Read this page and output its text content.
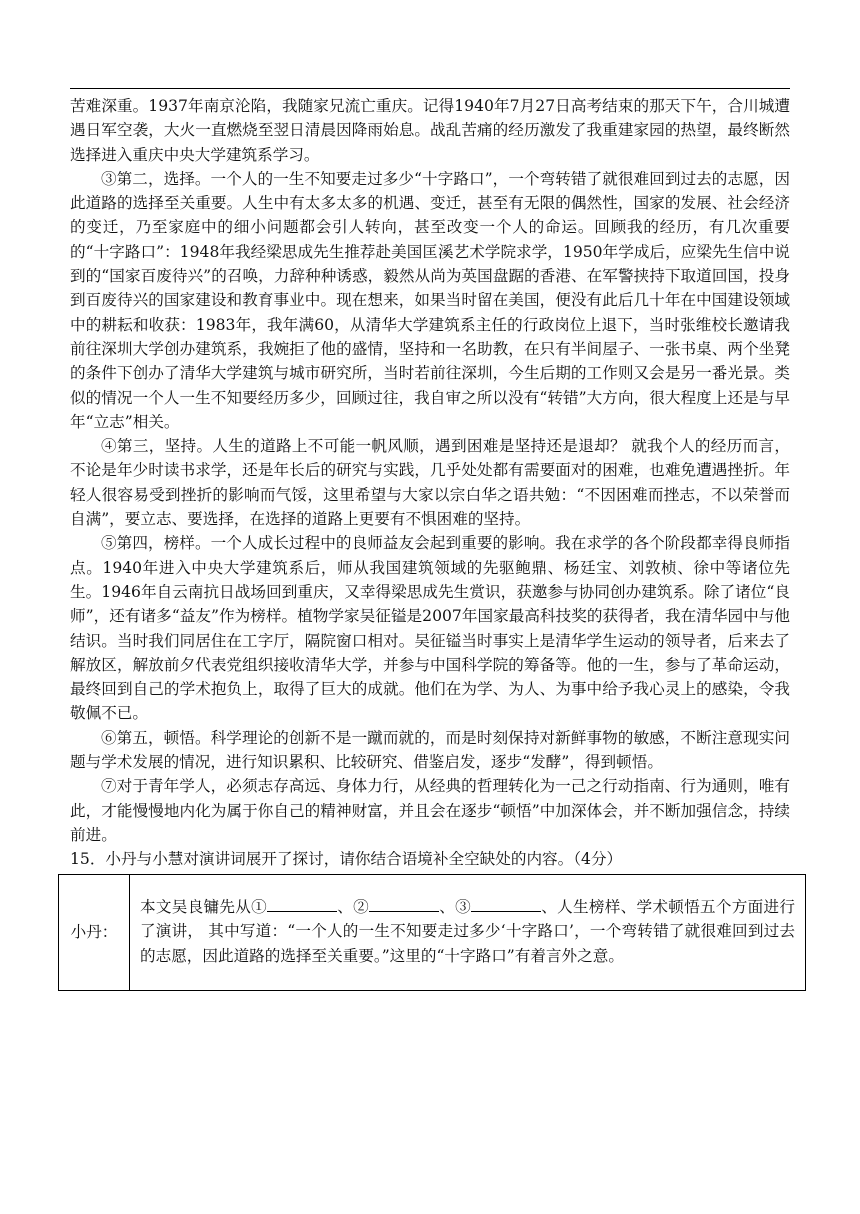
苦难深重。1937年南京沦陷，我随家兄流亡重庆。记得1940年7月27日高考结束的那天下午，合川城遭遇日军空袭，大火一直燃烧至翌日清晨因降雨始息。战乱苦痛的经历激发了我重建家园的热望，最终断然选择进入重庆中央大学建筑系学习。

③第二，选择。一个人的一生不知要走过多少“十字路口”，一个弯转错了就很难回到过去的志愿，因此道路的选择至关重要。人生中有太多太多的机遇、变迁，甚至有无限的偶然性，国家的发展、社会经济的变迁，乃至家庭中的细小问题都会引人转向，甚至改变一个人的命运。回顾我的经历，有几次重要的“十字路口”：1948年我经梁思成先生推荐赴美国匡溪艺术学院求学，1950年学成后，应梁先生信中说到的“国家百废待兴”的召唤，力辞种种诱惑，毅然从尚为英国盘踞的香港、在军警挟持下取道回国，投身到百废待兴的国家建设和教育事业中。现在想来，如果当时留在美国，便没有此后几十年在中国建设领域中的耕耘和收获：1983年，我年满60，从清华大学建筑系主任的行政岗位上退下，当时张维校长邀请我前往深圳大学创办建筑系，我婉拒了他的盛情，坚持和一名助教，在只有半间屋子、一张书桌、两个坐凳的条件下创办了清华大学建筑与城市研究所，当时若前往深圳，今生后期的工作则又会是另一番光景。类似的情况一个人一生不知要经历多少，回顾过往，我自审之所以没有“转错”大方向，很大程度上还是与早年“立志”相关。

④第三，坚持。人生的道路上不可能一帆风顺，遇到困难是坚持还是退却？ 就我个人的经历而言，不论是年少时读书求学，还是年长后的研究与实践，几乎处处都有需要面对的困难，也难免遭遇挫折。年轻人很容易受到挫折的影响而气馁，这里希望与大家以宗白华之语共勉：“不因困难而挫志，不以荣誉而自满”，要立志、要选择，在选择的道路上更要有不惧困难的坚持。

⑤第四，榜样。一个人成长过程中的良师益友会起到重要的影响。我在求学的各个阶段都幸得良师指点。1940年进入中央大学建筑系后，师从我国建筑领域的先驱鲍鼎、杨廷宝、刘敦桢、徐中等诸位先生。1946年自云南抗日战场回到重庆，又幸得梁思成先生赏识，获邀参与协同创办建筑系。除了诸位“良师”，还有诸多“益友”作为榜样。植物学家吴征镒是2007年国家最高科技奖的获得者，我在清华园中与他结识。当时我们同居住在工字厅，隔院窗口相对。吴征镒当时事实上是清华学生运动的领导者，后来去了解放区，解放前夕代表党组织接收清华大学，并参与中国科学院的筹备等。他的一生，参与了革命运动，最终回到自己的学术抱负上，取得了巨大的成就。他们在为学、为人、为事中给予我心灵上的感染，令我敬佩不已。

⑥第五，顿悟。科学理论的创新不是一蹴而就的，而是时刻保持对新鲜事物的敏感，不断注意现实问题与学术发展的情况，进行知识累积、比较研究、借鉴启发，逐步“发酵”，得到顿悟。

⑦对于青年学人，必须志存高远、身体力行，从经典的哲理转化为一己之行动指南、行为通则，唯有此，才能慢慢地内化为属于你自己的精神财富，并且会在逐步“顿悟”中加深体会，并不断加强信念，持续前进。

15．小丹与小慧对演讲词展开了探讨，请你结合语境补全空缺处的内容。（4分）

小丹：	本文吴良镛先从①	、②	、③	、人生榜样、学术顿悟五个方面进行了演讲， 其中写道：“一个人的一生不知要走过多少‘十字路口’，一个弯转错了就很难回到过去的志愿，因此道路的选择至关重要。”这里的“十字路口”有着言外之意。
